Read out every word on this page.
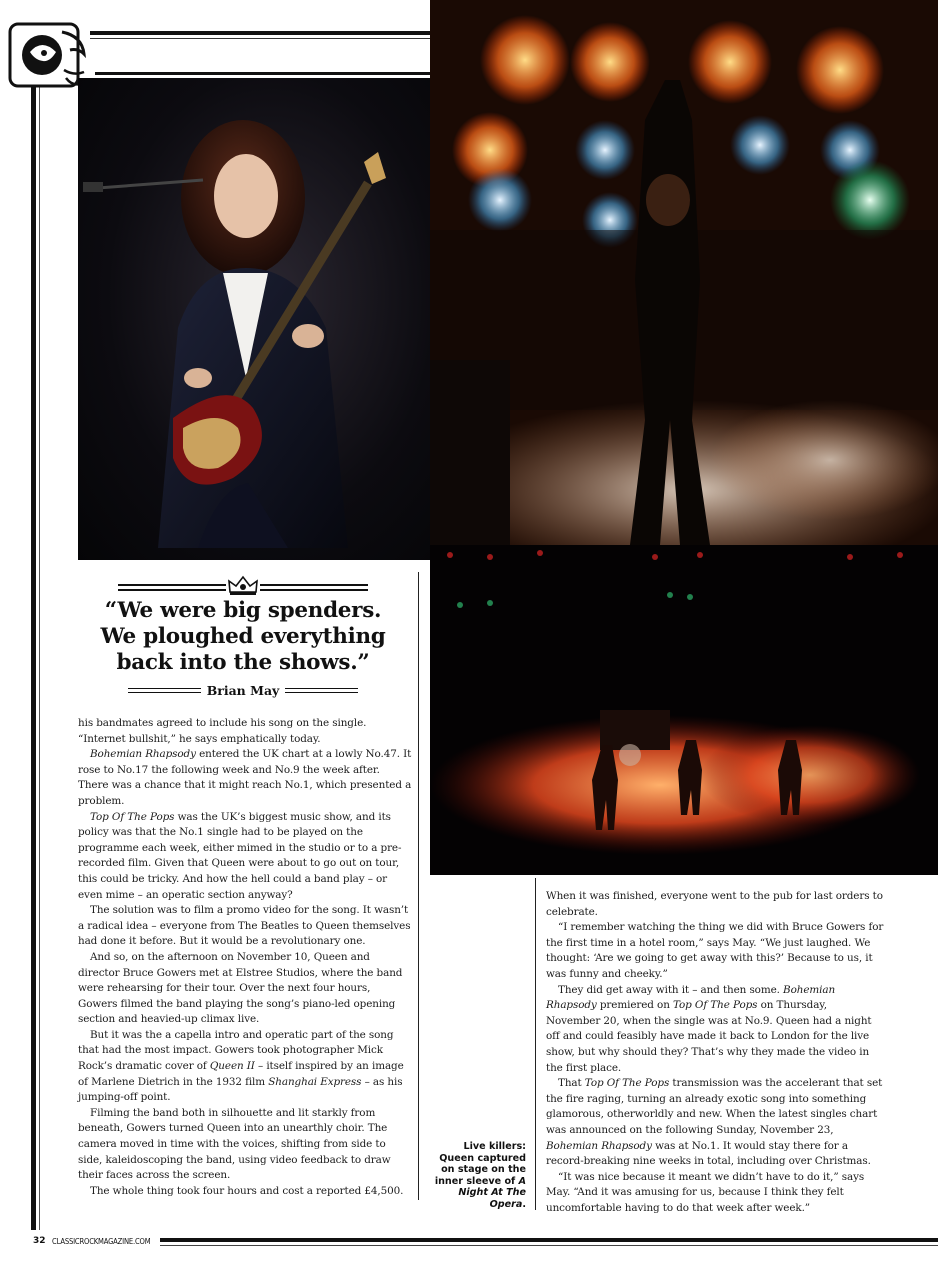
“We were big spenders.
We ploughed everything
back into the shows.”
Brian May

his bandmates agreed to include his song on the single. “Internet bullshit,” he says emphatically today.

Bohemian Rhapsody entered the UK chart at a lowly No.47. It rose to No.17 the following week and No.9 the week after. There was a chance that it might reach No.1, which presented a problem.

Top Of The Pops was the UK’s biggest music show, and its policy was that the No.1 single had to be played on the programme each week, either mimed in the studio or to a pre-recorded film. Given that Queen were about to go out on tour, this could be tricky. And how the hell could a band play – or even mime – an operatic section anyway?

The solution was to film a promo video for the song. It wasn’t a radical idea – everyone from The Beatles to Queen themselves had done it before. But it would be a revolutionary one.

And so, on the afternoon on November 10, Queen and director Bruce Gowers met at Elstree Studios, where the band were rehearsing for their tour. Over the next four hours, Gowers filmed the band playing the song’s piano-led opening section and heavied-up climax live.

But it was the a capella intro and operatic part of the song that had the most impact. Gowers took photographer Mick Rock’s dramatic cover of Queen II – itself inspired by an image of Marlene Dietrich in the 1932 film Shanghai Express – as his jumping-off point.

Filming the band both in silhouette and lit starkly from beneath, Gowers turned Queen into an unearthly choir. The camera moved in time with the voices, shifting from side to side, kaleidoscoping the band, using video feedback to draw their faces across the screen.

The whole thing took four hours and cost a reported £4,500.

Live killers: Queen captured on stage on the inner sleeve of A Night At The Opera.

When it was finished, everyone went to the pub for last orders to celebrate.

“I remember watching the thing we did with Bruce Gowers for the first time in a hotel room,” says May. “We just laughed. We thought: ‘Are we going to get away with this?’ Because to us, it was funny and cheeky.”

They did get away with it – and then some. Bohemian Rhapsody premiered on Top Of The Pops on Thursday, November 20, when the single was at No.9. Queen had a night off and could feasibly have made it back to London for the live show, but why should they? That’s why they made the video in the first place.

That Top Of The Pops transmission was the accelerant that set the fire raging, turning an already exotic song into something glamorous, otherworldly and new. When the latest singles chart was announced on the following Sunday, November 23, Bohemian Rhapsody was at No.1. It would stay there for a record-breaking nine weeks in total, including over Christmas.

“It was nice because it meant we didn’t have to do it,” says May. “And it was amusing for us, because I think they felt uncomfortable having to do that week after week.”

32 CLASSICROCKMAGAZINE.COM
